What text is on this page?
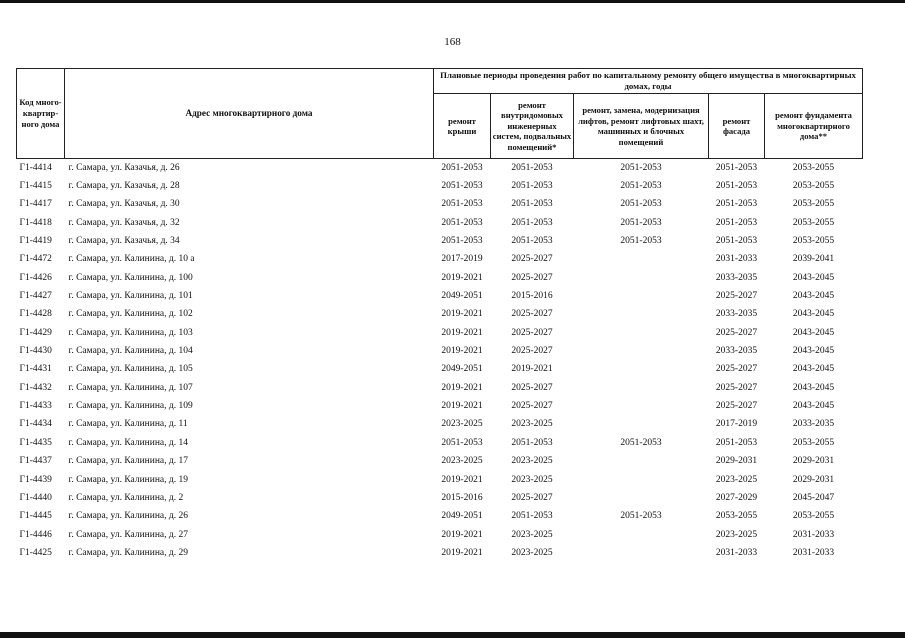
168
Код много-квартир-ного дома	Адрес многоквартирного дома	Плановые периоды проведения работ по капитальному ремонту общего имущества в многоквартирных домах, годы				
		ремонт крыши	ремонт внутридомовых инженерных систем, подвальных помещений*	ремонт, замена, модернизация лифтов, ремонт лифтовых шахт, машинных и блочных помещений	ремонт фасада	ремонт фундамента многоквартирного дома**
Г1-4414	г. Самара, ул. Казачья, д. 26	2051-2053	2051-2053	2051-2053	2051-2053	2053-2055
Г1-4415	г. Самара, ул. Казачья, д. 28	2051-2053	2051-2053	2051-2053	2051-2053	2053-2055
Г1-4417	г. Самара, ул. Казачья, д. 30	2051-2053	2051-2053	2051-2053	2051-2053	2053-2055
Г1-4418	г. Самара, ул. Казачья, д. 32	2051-2053	2051-2053	2051-2053	2051-2053	2053-2055
Г1-4419	г. Самара, ул. Казачья, д. 34	2051-2053	2051-2053	2051-2053	2051-2053	2053-2055
Г1-4472	г. Самара, ул. Калинина, д. 10 а	2017-2019	2025-2027		2031-2033	2039-2041
Г1-4426	г. Самара, ул. Калинина, д. 100	2019-2021	2025-2027		2033-2035	2043-2045
Г1-4427	г. Самара, ул. Калинина, д. 101	2049-2051	2015-2016		2025-2027	2043-2045
Г1-4428	г. Самара, ул. Калинина, д. 102	2019-2021	2025-2027		2033-2035	2043-2045
Г1-4429	г. Самара, ул. Калинина, д. 103	2019-2021	2025-2027		2025-2027	2043-2045
Г1-4430	г. Самара, ул. Калинина, д. 104	2019-2021	2025-2027		2033-2035	2043-2045
Г1-4431	г. Самара, ул. Калинина, д. 105	2049-2051	2019-2021		2025-2027	2043-2045
Г1-4432	г. Самара, ул. Калинина, д. 107	2019-2021	2025-2027		2025-2027	2043-2045
Г1-4433	г. Самара, ул. Калинина, д. 109	2019-2021	2025-2027		2025-2027	2043-2045
Г1-4434	г. Самара, ул. Калинина, д. 11	2023-2025	2023-2025		2017-2019	2033-2035
Г1-4435	г. Самара, ул. Калинина, д. 14	2051-2053	2051-2053	2051-2053	2051-2053	2053-2055
Г1-4437	г. Самара, ул. Калинина, д. 17	2023-2025	2023-2025		2029-2031	2029-2031
Г1-4439	г. Самара, ул. Калинина, д. 19	2019-2021	2023-2025		2023-2025	2029-2031
Г1-4440	г. Самара, ул. Калинина, д. 2	2015-2016	2025-2027		2027-2029	2045-2047
Г1-4445	г. Самара, ул. Калинина, д. 26	2049-2051	2051-2053	2051-2053	2053-2055	2053-2055
Г1-4446	г. Самара, ул. Калинина, д. 27	2019-2021	2023-2025		2023-2025	2031-2033
Г1-4425	г. Самара, ул. Калинина, д. 29	2019-2021	2023-2025		2031-2033	2031-2033
